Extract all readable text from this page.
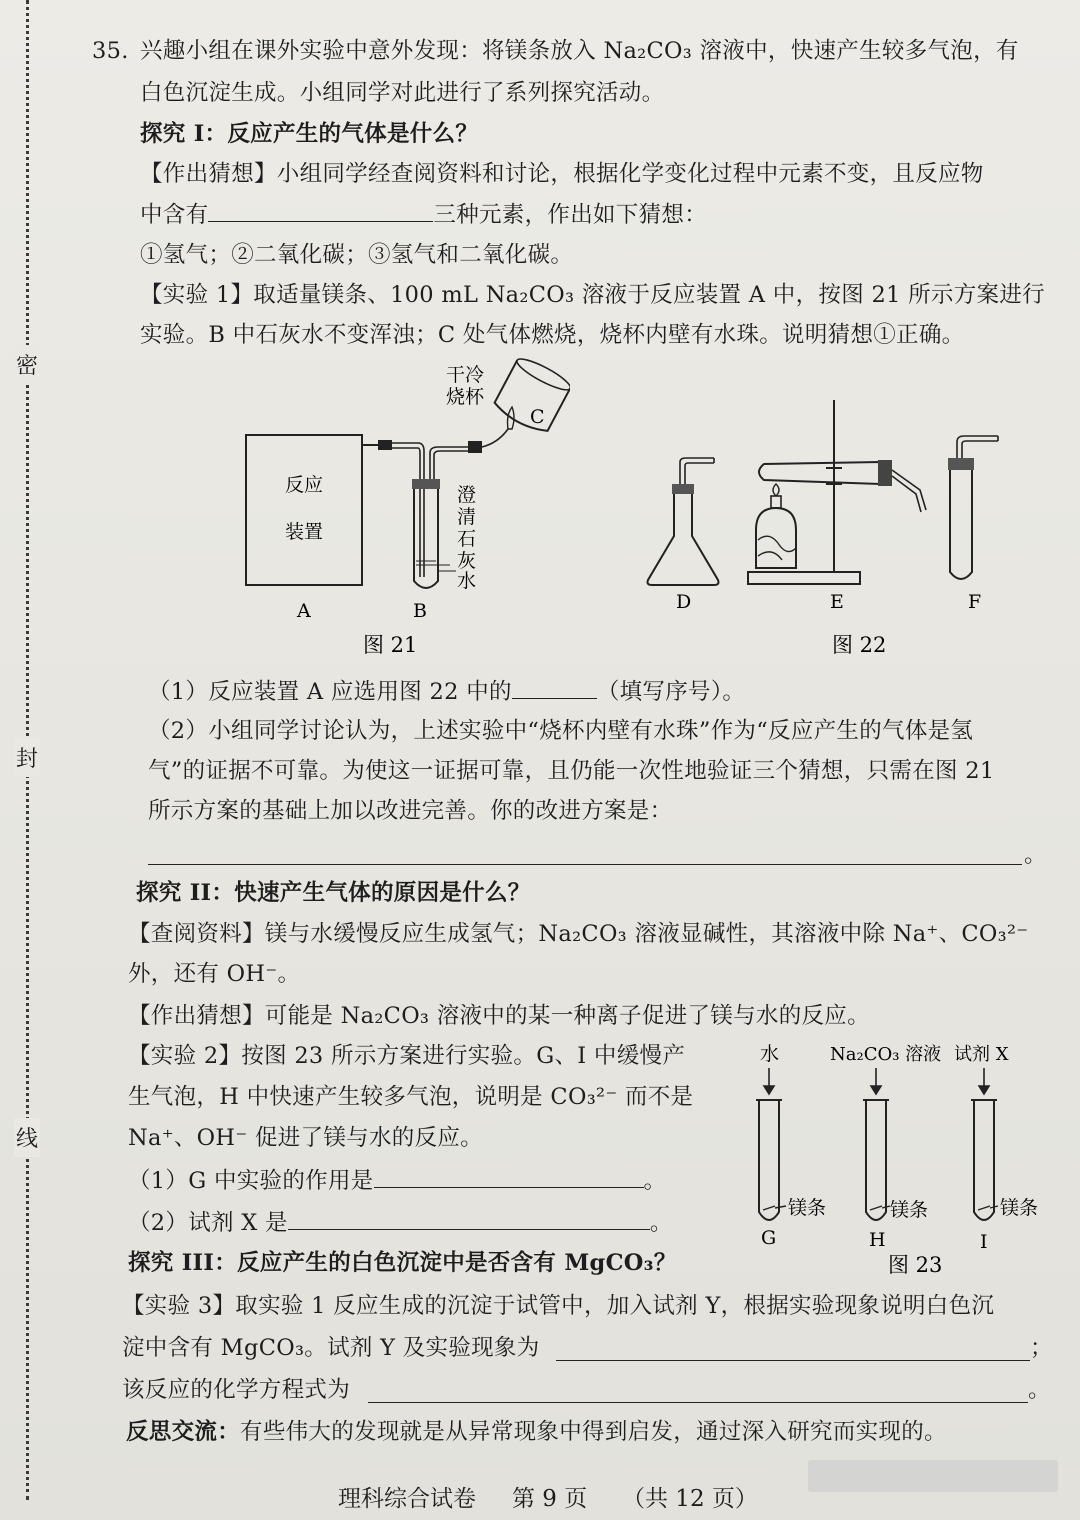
密
封
线
35. 兴趣小组在课外实验中意外发现：将镁条放入 Na₂CO₃ 溶液中，快速产生较多气泡，有
白色沉淀生成。小组同学对此进行了系列探究活动。
探究 I：反应产生的气体是什么？
【作出猜想】小组同学经查阅资料和讨论，根据化学变化过程中元素不变，且反应物
中含有	三种元素，作出如下猜想：
①氢气；②二氧化碳；③氢气和二氧化碳。
【实验 1】取适量镁条、100 mL Na₂CO₃ 溶液于反应装置 A 中，按图 21 所示方案进行
实验。B 中石灰水不变浑浊；C 处气体燃烧，烧杯内壁有水珠。说明猜想①正确。
反应
装置
澄
清
石
灰
水
干冷
烧杯
C
A	B
图 21
D	E	F
图 22
（1）反应装置 A 应选用图 22 中的	（填写序号）。
（2）小组同学讨论认为，上述实验中“烧杯内壁有水珠”作为“反应产生的气体是氢
气”的证据不可靠。为使这一证据可靠，且仍能一次性地验证三个猜想，只需在图 21
所示方案的基础上加以改进完善。你的改进方案是：
。
探究 II：快速产生气体的原因是什么？
【查阅资料】镁与水缓慢反应生成氢气；Na₂CO₃ 溶液显碱性，其溶液中除 Na⁺、CO₃²⁻
外，还有 OH⁻。
【作出猜想】可能是 Na₂CO₃ 溶液中的某一种离子促进了镁与水的反应。
【实验 2】按图 23 所示方案进行实验。G、I 中缓慢产
生气泡，H 中快速产生较多气泡，说明是 CO₃²⁻ 而不是
Na⁺、OH⁻ 促进了镁与水的反应。
（1）G 中实验的作用是	。
（2）试剂 X 是	。
水	Na₂CO₃ 溶液 试剂 X
镁条	镁条	镁条
G	H	I
图 23
探究 III：反应产生的白色沉淀中是否含有 MgCO₃？
【实验 3】取实验 1 反应生成的沉淀于试管中，加入试剂 Y，根据实验现象说明白色沉
淀中含有 MgCO₃。试剂 Y 及实验现象为	；
该反应的化学方程式为	。
反思交流：有些伟大的发现就是从异常现象中得到启发，通过深入研究而实现的。
理科综合试卷 第 9 页 （共 12 页）
